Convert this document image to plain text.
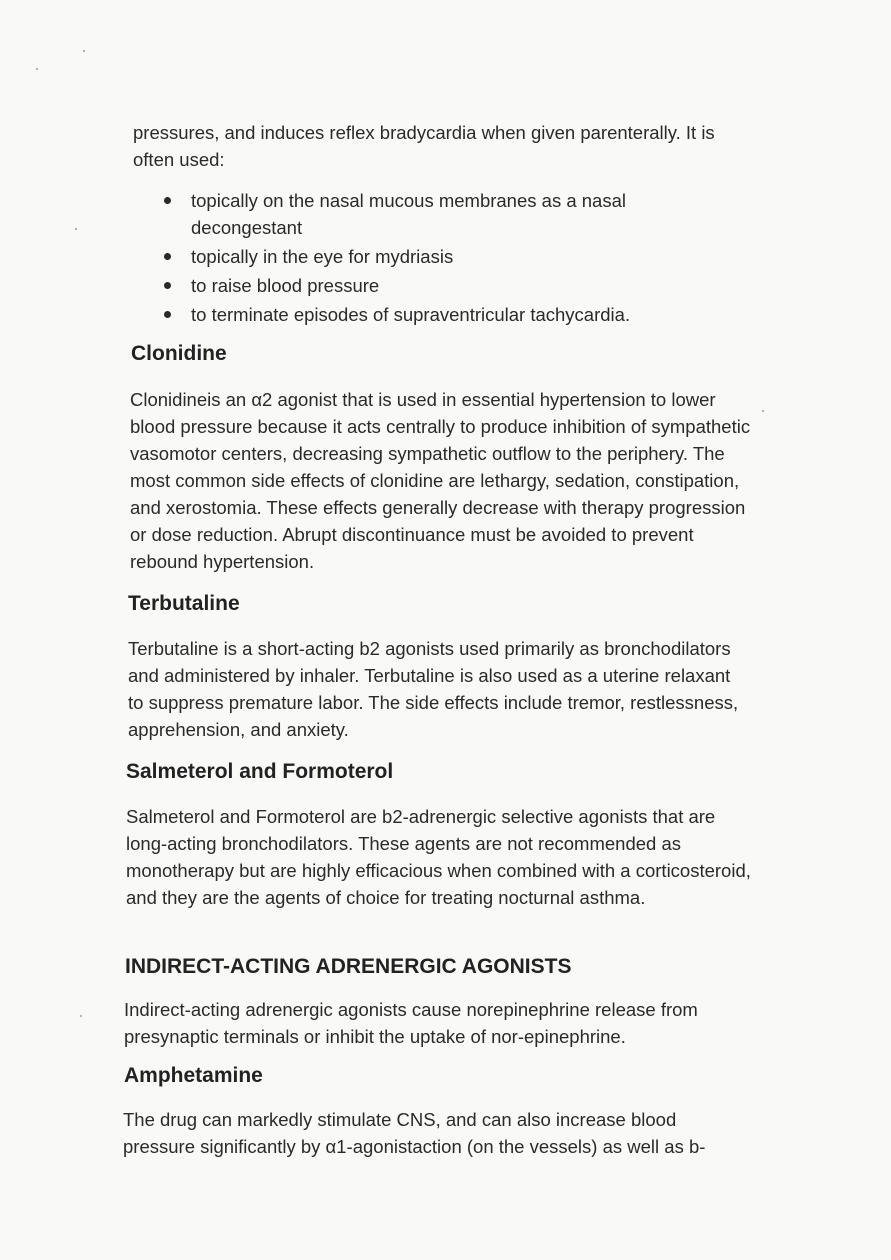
pressures, and induces reflex bradycardia when given parenterally. It is often used:

topically on the nasal mucous membranes as a nasal decongestant
topically in the eye for mydriasis
to raise blood pressure
to terminate episodes of supraventricular tachycardia.
Clonidine

Clonidineis an α2 agonist that is used in essential hypertension to lower blood pressure because it acts centrally to produce inhibition of sympathetic vasomotor centers, decreasing sympathetic outflow to the periphery. The most common side effects of clonidine are lethargy, sedation, constipation, and xerostomia. These effects generally decrease with therapy progression or dose reduction. Abrupt discontinuance must be avoided to prevent rebound hypertension.

Terbutaline

Terbutaline is a short-acting b2 agonists used primarily as bronchodilators and administered by inhaler. Terbutaline is also used as a uterine relaxant to suppress premature labor. The side effects include tremor, restlessness, apprehension, and anxiety.

Salmeterol and Formoterol

Salmeterol and Formoterol are b2-adrenergic selective agonists that are long-acting bronchodilators. These agents are not recommended as monotherapy but are highly efficacious when combined with a corticosteroid, and they are the agents of choice for treating nocturnal asthma.

INDIRECT-ACTING ADRENERGIC AGONISTS

Indirect-acting adrenergic agonists cause norepinephrine release from presynaptic terminals or inhibit the uptake of nor-epinephrine.

Amphetamine

The drug can markedly stimulate CNS, and can also increase blood pressure significantly by α1-agonistaction (on the vessels) as well as b-
